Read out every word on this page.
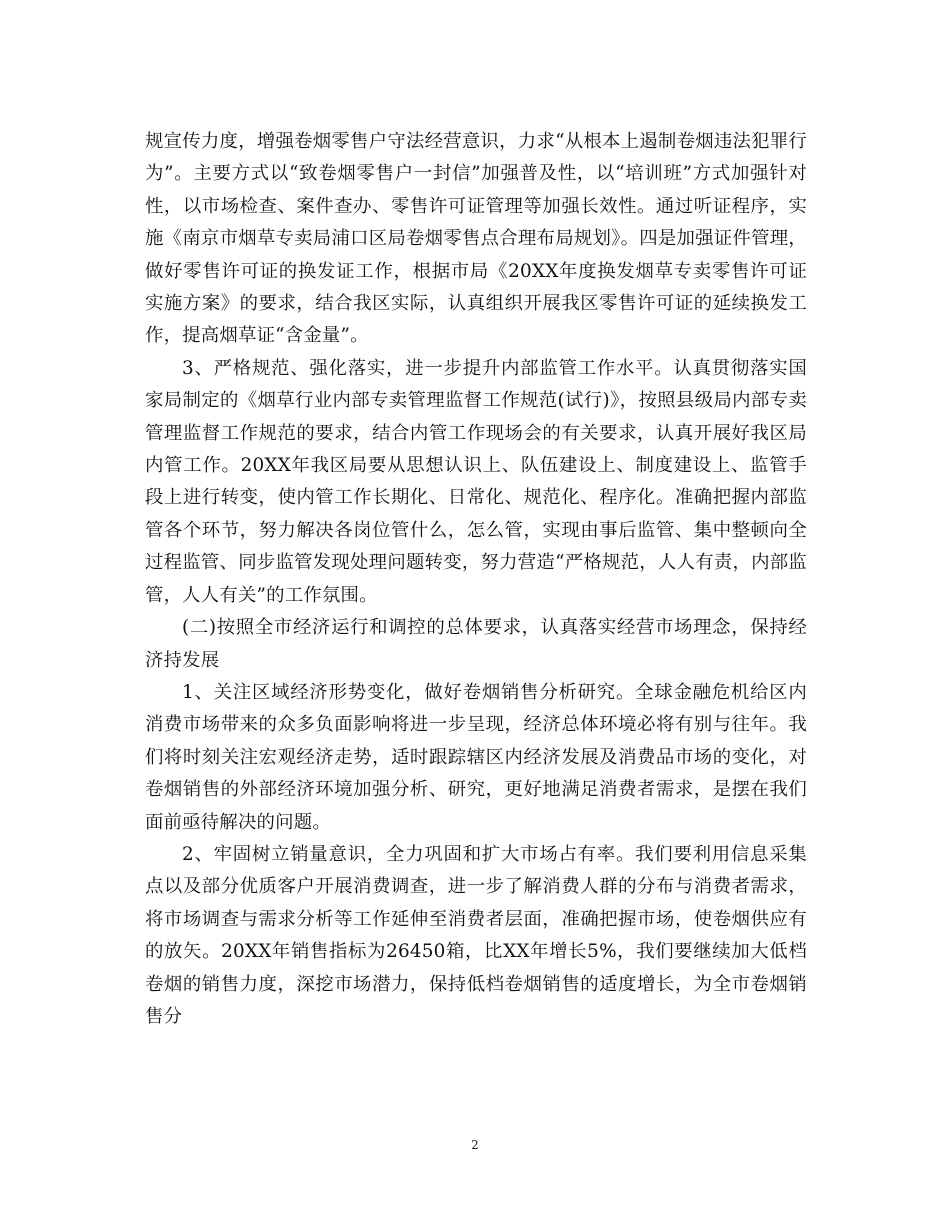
规宣传力度，增强卷烟零售户守法经营意识，力求“从根本上遏制卷烟违法犯罪行为”。主要方式以“致卷烟零售户一封信”加强普及性，以“培训班”方式加强针对性，以市场检查、案件查办、零售许可证管理等加强长效性。通过听证程序，实施《南京市烟草专卖局浦口区局卷烟零售点合理布局规划》。四是加强证件管理，做好零售许可证的换发证工作，根据市局《20XX年度换发烟草专卖零售许可证实施方案》的要求，结合我区实际，认真组织开展我区零售许可证的延续换发工作，提高烟草证“含金量”。

3、严格规范、强化落实，进一步提升内部监管工作水平。认真贯彻落实国家局制定的《烟草行业内部专卖管理监督工作规范(试行)》，按照县级局内部专卖管理监督工作规范的要求，结合内管工作现场会的有关要求，认真开展好我区局内管工作。20XX年我区局要从思想认识上、队伍建设上、制度建设上、监管手段上进行转变，使内管工作长期化、日常化、规范化、程序化。准确把握内部监管各个环节，努力解决各岗位管什么，怎么管，实现由事后监管、集中整顿向全过程监管、同步监管发现处理问题转变，努力营造“严格规范，人人有责，内部监管，人人有关”的工作氛围。

(二)按照全市经济运行和调控的总体要求，认真落实经营市场理念，保持经济持发展

1、关注区域经济形势变化，做好卷烟销售分析研究。全球金融危机给区内消费市场带来的众多负面影响将进一步呈现，经济总体环境必将有别与往年。我们将时刻关注宏观经济走势，适时跟踪辖区内经济发展及消费品市场的变化，对卷烟销售的外部经济环境加强分析、研究，更好地满足消费者需求，是摆在我们面前亟待解决的问题。

2、牢固树立销量意识，全力巩固和扩大市场占有率。我们要利用信息采集点以及部分优质客户开展消费调查，进一步了解消费人群的分布与消费者需求，将市场调查与需求分析等工作延伸至消费者层面，准确把握市场，使卷烟供应有的放矢。20XX年销售指标为26450箱，比XX年增长5%，我们要继续加大低档卷烟的销售力度，深挖市场潜力，保持低档卷烟销售的适度增长，为全市卷烟销售分

2
